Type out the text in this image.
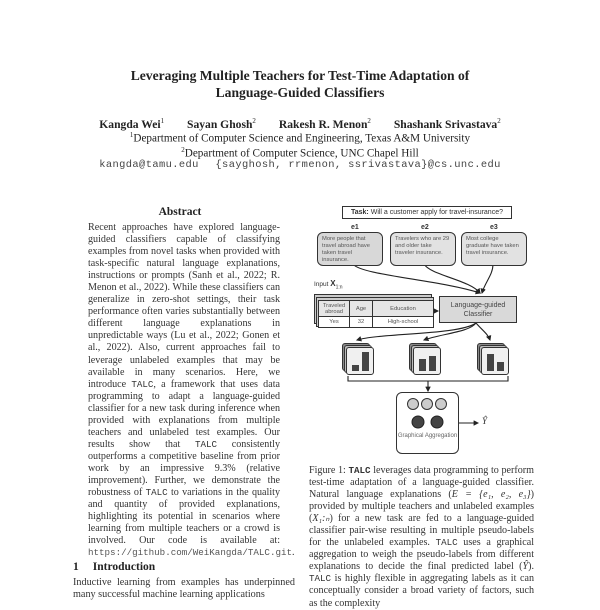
Leveraging Multiple Teachers for Test-Time Adaptation of
Language-Guided Classifiers
Kangda Wei$^1$ Sayan Ghosh$^2$ Rakesh R. Menon$^2$ Shashank Srivastava$^2$
$^1$Department of Computer Science and Engineering, Texas A&M University
$^2$Department of Computer Science, UNC Chapel Hill
kangda@tamu.edu {sayghosh, rrmenon, ssrivastava}@cs.unc.edu
Abstract
Recent approaches have explored language-guided classifiers capable of classifying examples from novel tasks when provided with task-specific natural language explanations, instructions or prompts (Sanh et al., 2022; R. Menon et al., 2022). While these classifiers can generalize in zero-shot settings, their task performance often varies substantially between different language explanations in unpredictable ways (Lu et al., 2022; Gonen et al., 2022). Also, current approaches fail to leverage unlabeled examples that may be available in many scenarios. Here, we introduce TALC, a framework that uses data programming to adapt a language-guided classifier for a new task during inference when provided with explanations from multiple teachers and unlabeled test examples. Our results show that TALC consistently outperforms a competitive baseline from prior work by an impressive 9.3% (relative improvement). Further, we demonstrate the robustness of TALC to variations in the quality and quantity of provided explanations, highlighting its potential in scenarios where learning from multiple teachers or a crowd is involved. Our code is available at: https://github.com/WeiKangda/TALC.git.
1 Introduction
Inductive learning from examples has underpinned many successful machine learning applications
Task: Will a customer apply for travel-insurance?
e1	e2	e3
More people that travel abroad have taken travel insurance.
Travelers who are 29 and older take traveler insurance.
Most college graduate have taken travel insurance.
Input $X_{1:n}$
Traveled abroad	Age	Education
Yes	32	High-school
Language-guided Classifier
Graphical Aggregation
Ŷ
Figure 1: TALC leverages data programming to perform test-time adaptation of a language-guided classifier. Natural language explanations (E = {e₁, e₂, e₃}) provided by multiple teachers and unlabeled examples (X₁:ₙ) for a new task are fed to a language-guided classifier pair-wise resulting in multiple pseudo-labels for the unlabeled examples. TALC uses a graphical aggregation to weigh the pseudo-labels from different explanations to decide the final predicted label (Ŷ). TALC is highly flexible in aggregating labels as it can conceptually consider a broad variety of factors, such as the complexity
